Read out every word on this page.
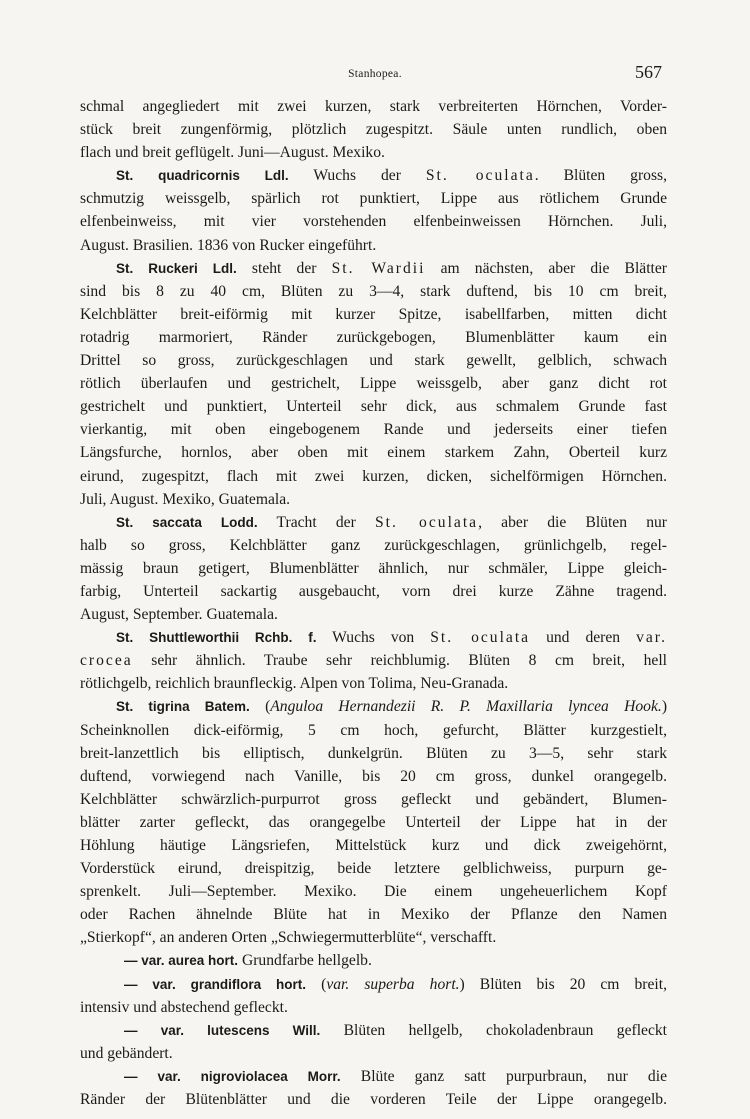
Stanhopea.	567
schmal angegliedert mit zwei kurzen, stark verbreiterten Hörnchen, Vorder-
stück breit zungenförmig, plötzlich zugespitzt. Säule unten rundlich, oben
flach und breit geflügelt. Juni—August. Mexiko.
St. quadricornis Ldl. Wuchs der St. oculata. Blüten gross,
schmutzig weissgelb, spärlich rot punktiert, Lippe aus rötlichem Grunde
elfenbeinweiss, mit vier vorstehenden elfenbeinweissen Hörnchen. Juli,
August. Brasilien. 1836 von Rucker eingeführt.
St. Ruckeri Ldl. steht der St. Wardii am nächsten, aber die Blätter
sind bis 8 zu 40 cm, Blüten zu 3—4, stark duftend, bis 10 cm breit,
Kelchblätter breit-eiförmig mit kurzer Spitze, isabellfarben, mitten dicht
rotadrig marmoriert, Ränder zurückgebogen, Blumenblätter kaum ein
Drittel so gross, zurückgeschlagen und stark gewellt, gelblich, schwach
rötlich überlaufen und gestrichelt, Lippe weissgelb, aber ganz dicht rot
gestrichelt und punktiert, Unterteil sehr dick, aus schmalem Grunde fast
vierkantig, mit oben eingebogenem Rande und jederseits einer tiefen
Längsfurche, hornlos, aber oben mit einem starkem Zahn, Oberteil kurz
eirund, zugespitzt, flach mit zwei kurzen, dicken, sichelförmigen Hörnchen.
Juli, August. Mexiko, Guatemala.
St. saccata Lodd. Tracht der St. oculata, aber die Blüten nur
halb so gross, Kelchblätter ganz zurückgeschlagen, grünlichgelb, regel-
mässig braun getigert, Blumenblätter ähnlich, nur schmäler, Lippe gleich-
farbig, Unterteil sackartig ausgebaucht, vorn drei kurze Zähne tragend.
August, September. Guatemala.
St. Shuttleworthii Rchb. f. Wuchs von St. oculata und deren var.
crocea sehr ähnlich. Traube sehr reichblumig. Blüten 8 cm breit, hell
rötlichgelb, reichlich braunfleckig. Alpen von Tolima, Neu-Granada.
St. tigrina Batem. (Anguloa Hernandezii R. P. Maxillaria lyncea Hook.)
Scheinknollen dick-eiförmig, 5 cm hoch, gefurcht, Blätter kurzgestielt,
breit-lanzettlich bis elliptisch, dunkelgrün. Blüten zu 3—5, sehr stark
duftend, vorwiegend nach Vanille, bis 20 cm gross, dunkel orangegelb.
Kelchblätter schwärzlich-purpurrot gross gefleckt und gebändert, Blumen-
blätter zarter gefleckt, das orangegelbe Unterteil der Lippe hat in der
Höhlung häutige Längsriefen, Mittelstück kurz und dick zweigehörnt,
Vorderstück eirund, dreispitzig, beide letztere gelblichweiss, purpurn ge-
sprenkelt. Juli—September. Mexiko. Die einem ungeheuerlichem Kopf
oder Rachen ähnelnde Blüte hat in Mexiko der Pflanze den Namen
„Stierkopf“, an anderen Orten „Schwiegermutterblüte“, verschafft.
— var. aurea hort. Grundfarbe hellgelb.
— var. grandiflora hort. (var. superba hort.) Blüten bis 20 cm breit,
intensiv und abstechend gefleckt.
— var. lutescens Will. Blüten hellgelb, chokoladenbraun gefleckt
und gebändert.
— var. nigroviolacea Morr. Blüte ganz satt purpurbraun, nur die
Ränder der Blütenblätter und die vorderen Teile der Lippe orangegelb.
